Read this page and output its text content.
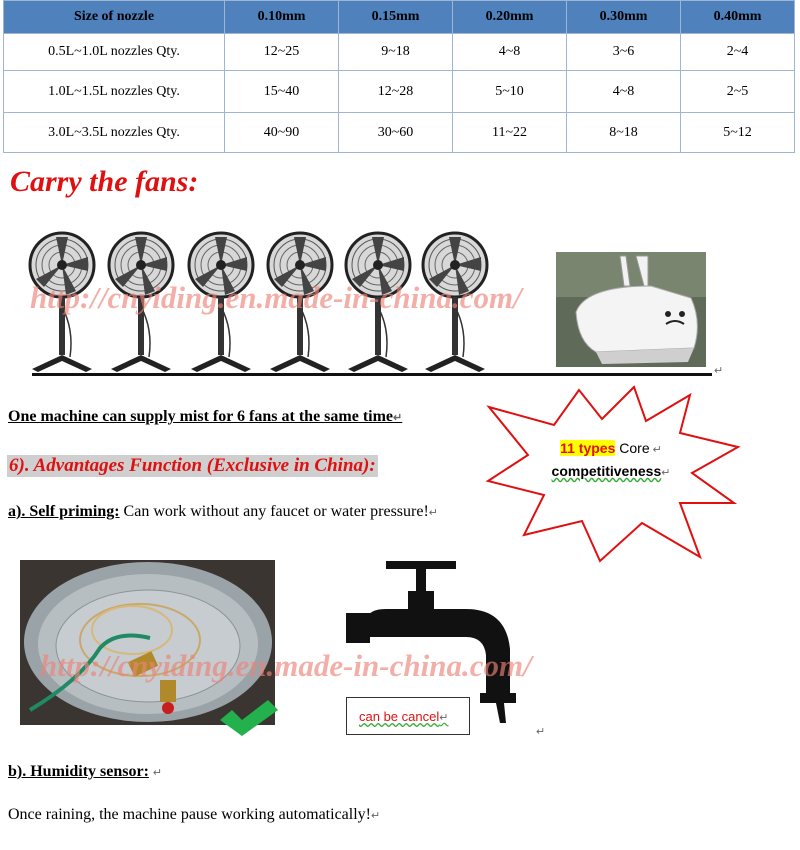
Size of nozzle	0.10mm	0.15mm	0.20mm	0.30mm	0.40mm
0.5L~1.0L nozzles Qty.	12~25	9~18	4~8	3~6	2~4
1.0L~1.5L nozzles Qty.	15~40	12~28	5~10	4~8	2~5
3.0L~3.5L nozzles Qty.	40~90	30~60	11~22	8~18	5~12
Carry the fans:
↵
http://cnyiding.en.made-in-china.com/
One machine can supply mist for 6 fans at the same time↵
6). Advantages Function (Exclusive in China):
11 types Core ↵
competitiveness↵
a). Self priming: Can work without any faucet or water pressure!↵
http://cnyiding.en.made-in-china.com/
can be cancel↵
↵
b). Humidity sensor: ↵
Once raining, the machine pause working automatically!↵
